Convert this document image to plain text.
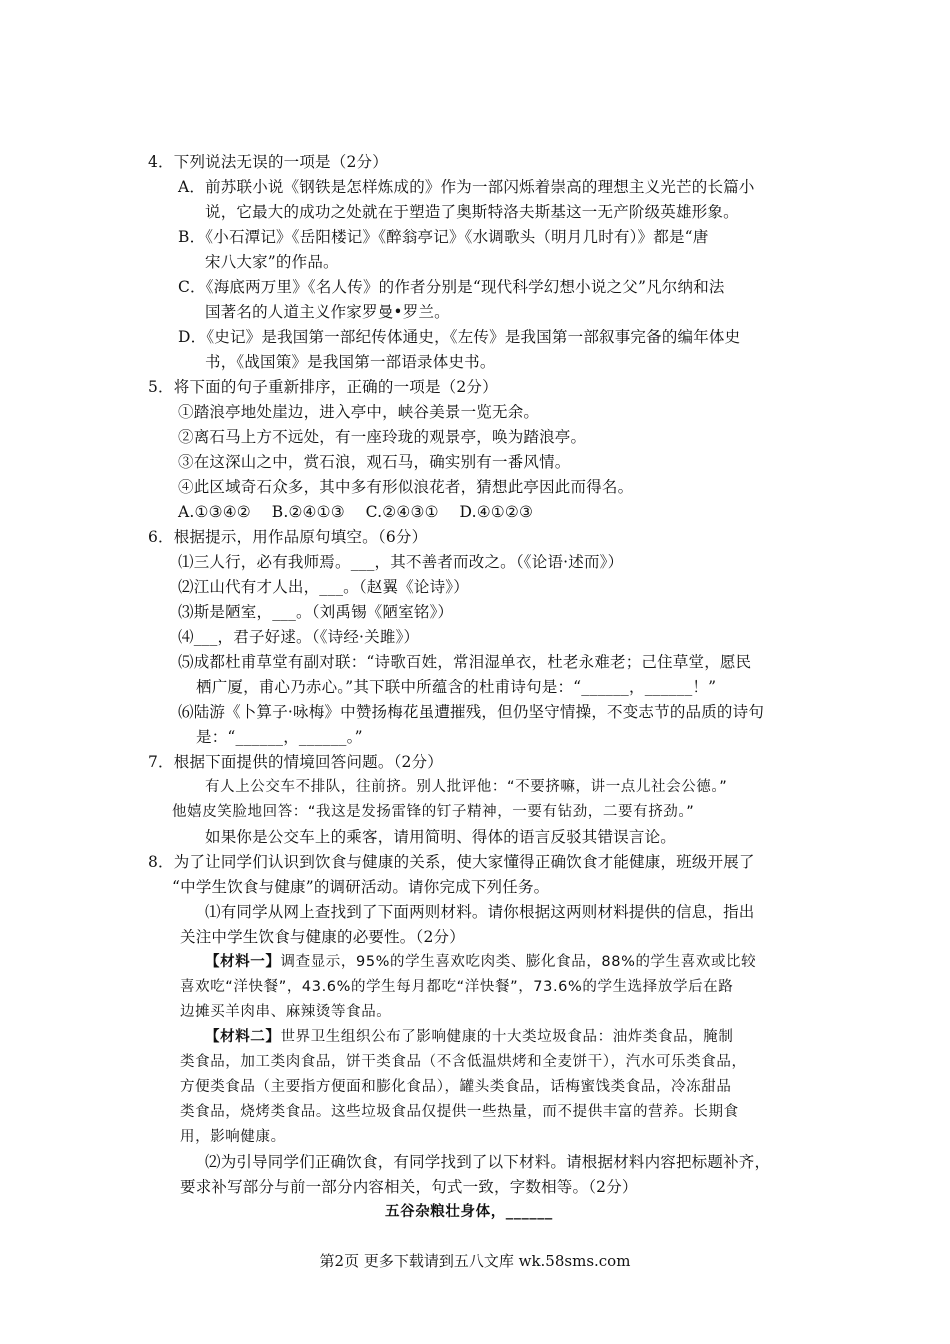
4．下列说法无误的一项是（2分）
A．前苏联小说《钢铁是怎样炼成的》作为一部闪烁着崇高的理想主义光芒的长篇小
说，它最大的成功之处就在于塑造了奥斯特洛夫斯基这一无产阶级英雄形象。
B．《小石潭记》《岳阳楼记》《醉翁亭记》《水调歌头（明月几时有）》都是“唐
宋八大家”的作品。
C．《海底两万里》《名人传》的作者分别是“现代科学幻想小说之父”凡尔纳和法
国著名的人道主义作家罗曼•罗兰。
D．《史记》是我国第一部纪传体通史，《左传》是我国第一部叙事完备的编年体史
书，《战国策》是我国第一部语录体史书。
5．将下面的句子重新排序，正确的一项是（2分）
①踏浪亭地处崖边，进入亭中，峡谷美景一览无余。
②离石马上方不远处，有一座玲珑的观景亭，唤为踏浪亭。
③在这深山之中，赏石浪，观石马，确实别有一番风情。
④此区域奇石众多，其中多有形似浪花者，猜想此亭因此而得名。
A.①③④②　 B.②④①③　 C.②④③①　 D.④①②③
6．根据提示，用作品原句填空。（6分）
⑴三人行，必有我师焉。___，其不善者而改之。（《论语·述而》）
⑵江山代有才人出，___。（赵翼《论诗》）
⑶斯是陋室，___。（刘禹锡《陋室铭》）
⑷___，君子好逑。（《诗经·关雎》）
⑸成都杜甫草堂有副对联：“诗歌百姓，常泪湿单衣，杜老永难老；己住草堂，愿民
栖广厦，甫心乃赤心。”其下联中所蕴含的杜甫诗句是：“______，______！”
⑹陆游《卜算子·咏梅》中赞扬梅花虽遭摧残，但仍坚守情操，不变志节的品质的诗句
是：“______，______。”
7．根据下面提供的情境回答问题。（2分）
有人上公交车不排队，往前挤。别人批评他：“不要挤嘛，讲一点儿社会公德。”
他嬉皮笑脸地回答：“我这是发扬雷锋的钉子精神，一要有钻劲，二要有挤劲。”
如果你是公交车上的乘客，请用简明、得体的语言反驳其错误言论。
8．为了让同学们认识到饮食与健康的关系，使大家懂得正确饮食才能健康，班级开展了
“中学生饮食与健康”的调研活动。请你完成下列任务。
⑴有同学从网上查找到了下面两则材料。请你根据这两则材料提供的信息，指出
关注中学生饮食与健康的必要性。（2分）
【材料一】调查显示，95%的学生喜欢吃肉类、膨化食品，88%的学生喜欢或比较
喜欢吃“洋快餐”，43.6%的学生每月都吃“洋快餐”，73.6%的学生选择放学后在路
边摊买羊肉串、麻辣烫等食品。
【材料二】世界卫生组织公布了影响健康的十大类垃圾食品：油炸类食品，腌制
类食品，加工类肉食品，饼干类食品（不含低温烘烤和全麦饼干），汽水可乐类食品，
方便类食品（主要指方便面和膨化食品），罐头类食品，话梅蜜饯类食品，冷冻甜品
类食品，烧烤类食品。这些垃圾食品仅提供一些热量，而不提供丰富的营养。长期食
用，影响健康。
⑵为引导同学们正确饮食，有同学找到了以下材料。请根据材料内容把标题补齐，
要求补写部分与前一部分内容相关，句式一致，字数相等。（2分）
五谷杂粮壮身体，______
第2页 更多下载请到五八文库 wk.58sms.com
